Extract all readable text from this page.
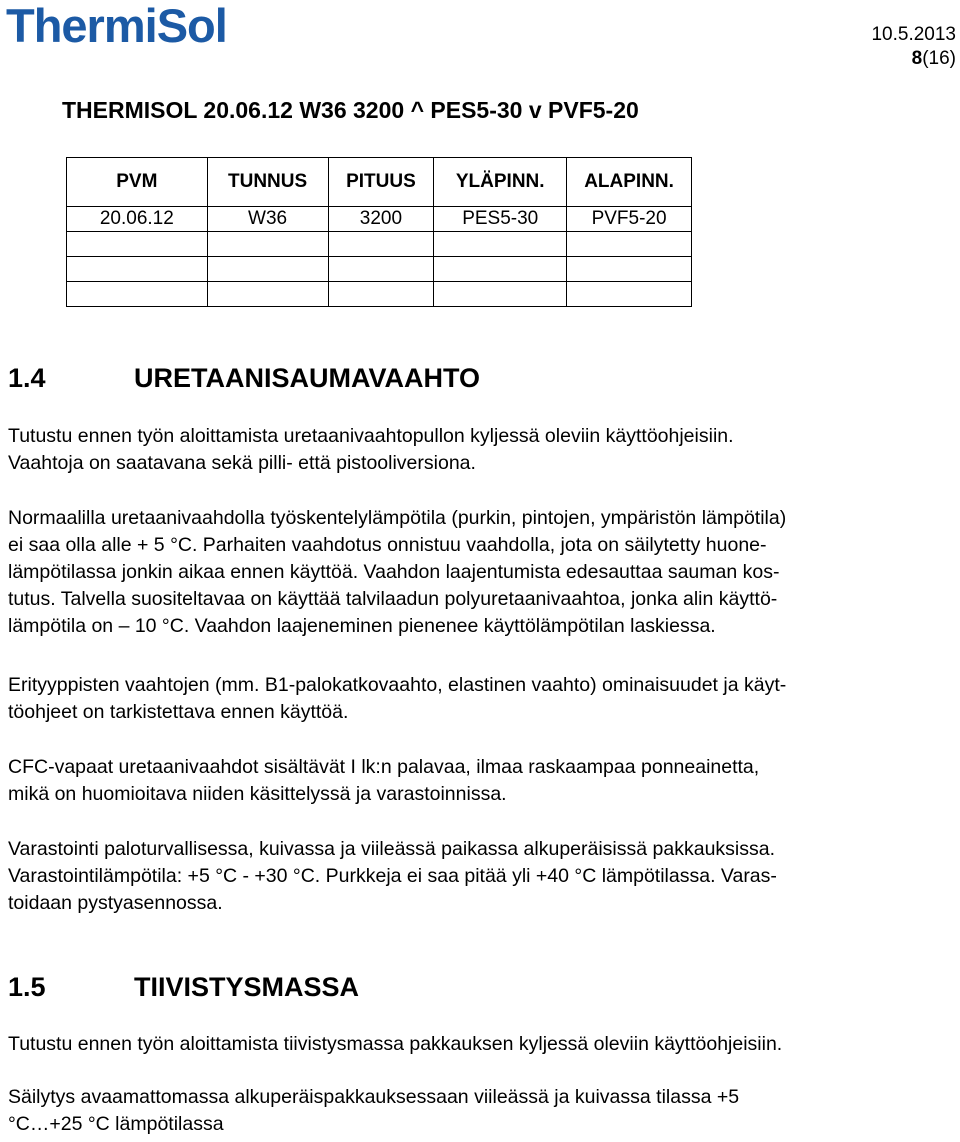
ThermiSol	10.5.2013
8(16)
THERMISOL 20.06.12 W36 3200 ^ PES5-30 v PVF5-20
PVM	TUNNUS	PITUUS	YLÄPINN.	ALAPINN.
20.06.12	W36	3200	PES5-30	PVF5-20

1.4	URETAANISAUMAVAAHTO

Tutustu ennen työn aloittamista uretaanivaahtopullon kyljessä oleviin käyttöohjeisiin.

Vaahtoja on saatavana sekä pilli- että pistooliversiona.

Normaalilla uretaanivaahdolla työskentelylämpötila (purkin, pintojen, ympäristön lämpötila)

ei saa olla alle + 5 °C. Parhaiten vaahdotus onnistuu vaahdolla, jota on säilytetty huone-

lämpötilassa jonkin aikaa ennen käyttöä. Vaahdon laajentumista edesauttaa sauman kos-

tutus. Talvella suositeltavaa on käyttää talvilaadun polyuretaanivaahtoa, jonka alin käyttö-

lämpötila on – 10 °C. Vaahdon laajeneminen pienenee käyttölämpötilan laskiessa.

Erityyppisten vaahtojen (mm. B1-palokatkovaahto, elastinen vaahto) ominaisuudet ja käyt-

töohjeet on tarkistettava ennen käyttöä.

CFC-vapaat uretaanivaahdot sisältävät I lk:n palavaa, ilmaa raskaampaa ponneainetta,

mikä on huomioitava niiden käsittelyssä ja varastoinnissa.

Varastointi paloturvallisessa, kuivassa ja viileässä paikassa alkuperäisissä pakkauksissa.

Varastointilämpötila: +5 °C - +30 °C. Purkkeja ei saa pitää yli +40 °C lämpötilassa. Varas-

toidaan pystyasennossa.

1.5	TIIVISTYSMASSA

Tutustu ennen työn aloittamista tiivistysmassa pakkauksen kyljessä oleviin käyttöohjeisiin.

Säilytys avaamattomassa alkuperäispakkauksessaan viileässä ja kuivassa tilassa +5

°C…+25 °C lämpötilassa
